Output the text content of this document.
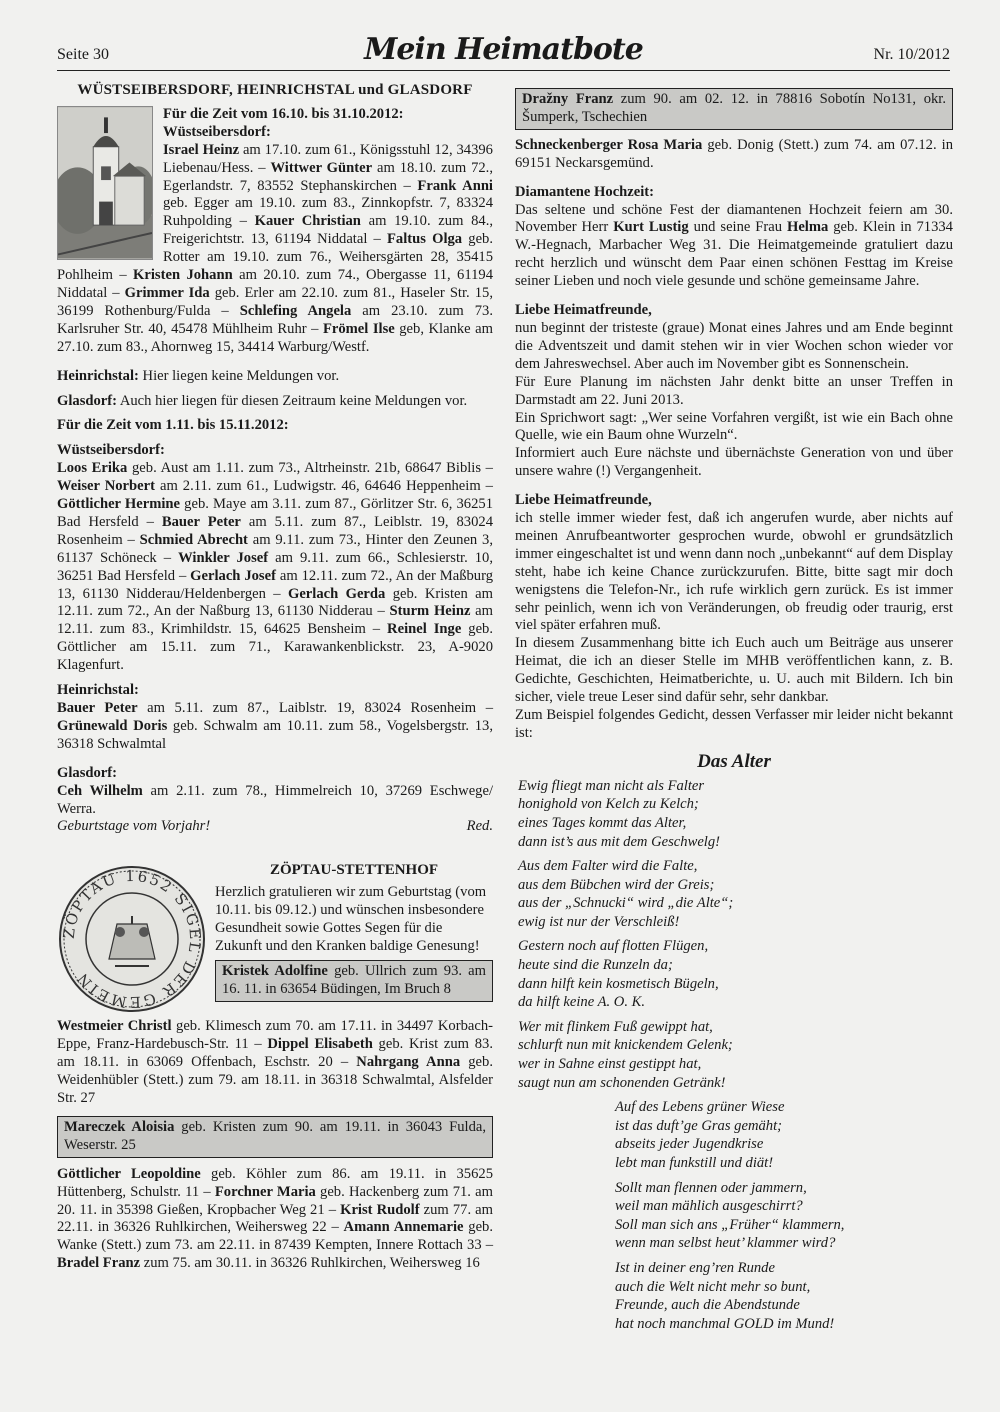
Seite 30	Mein Heimatbote	Nr. 10/2012
WÜSTSEIBERSDORF, HEINRICHSTAL und GLASDORF

Für die Zeit vom 16.10. bis 31.10.2012:

Wüstseibersdorf:

Israel Heinz am 17.10. zum 61., Königsstuhl 12, 34396 Liebenau/Hess. – Wittwer Günter am 18.10. zum 72., Egerlandstr. 7, 83552 Stephanskirchen – Frank Anni geb. Egger am 19.10. zum 83., Zinnkopfstr. 7, 83324 Ruhpolding – Kauer Christian am 19.10. zum 84., Freigerichtstr. 13, 61194 Niddatal – Faltus Olga geb. Rotter am 19.10. zum 76., Weihersgärten 28, 35415 Pohlheim – Kristen Johann am 20.10. zum 74., Obergasse 11, 61194 Niddatal – Grimmer Ida geb. Erler am 22.10. zum 81., Haseler Str. 15, 36199 Rothenburg/Fulda – Schlefing Angela am 23.10. zum 73. Karlsruher Str. 40, 45478 Mühlheim Ruhr – Frömel Ilse geb, Klanke am 27.10. zum 83., Ahornweg 15, 34414 Warburg/Westf.

Heinrichstal: Hier liegen keine Meldungen vor.

Glasdorf: Auch hier liegen für diesen Zeitraum keine Meldungen vor.

Für die Zeit vom 1.11. bis 15.11.2012:

Wüstseibersdorf:

Loos Erika geb. Aust am 1.11. zum 73., Altrheinstr. 21b, 68647 Biblis – Weiser Norbert am 2.11. zum 61., Ludwigstr. 46, 64646 Heppenheim – Göttlicher Hermine geb. Maye am 3.11. zum 87., Görlitzer Str. 6, 36251 Bad Hersfeld – Bauer Peter am 5.11. zum 87., Leiblstr. 19, 83024 Rosenheim – Schmied Abrecht am 9.11. zum 73., Hinter den Zeunen 3, 61137 Schöneck – Winkler Josef am 9.11. zum 66., Schlesierstr. 10, 36251 Bad Hersfeld – Gerlach Josef am 12.11. zum 72., An der Maßburg 13, 61130 Nidderau/Heldenbergen – Gerlach Gerda geb. Kristen am 12.11. zum 72., An der Naßburg 13, 61130 Nidderau – Sturm Heinz am 12.11. zum 83., Krimhildstr. 15, 64625 Bensheim – Reinel Inge geb. Göttlicher am 15.11. zum 71., Karawankenblickstr. 23, A-9020 Klagenfurt.

Heinrichstal:

Bauer Peter am 5.11. zum 87., Laiblstr. 19, 83024 Rosenheim – Grünewald Doris geb. Schwalm am 10.11. zum 58., Vogelsbergstr. 13, 36318 Schwalmtal

Glasdorf:

Ceh Wilhelm am 2.11. zum 78., Himmelreich 10, 37269 Eschwege/ Werra.

Geburtstage vom Vorjahr!	Red.
ZÖPTAU 1652 SIGEL DER GEMEIN

ZÖPTAU-STETTENHOF

Herzlich gratulieren wir zum Geburtstag (vom 10.11. bis 09.12.) und wünschen insbesondere Gesundheit sowie Gottes Segen für die Zukunft und den Kranken baldige Genesung!

Kristek Adolfine geb. Ullrich zum 93. am 16. 11. in 63654 Büdingen, Im Bruch 8

Westmeier Christl geb. Klimesch zum 70. am 17.11. in 34497 Korbach-Eppe, Franz-Hardebusch-Str. 11 – Dippel Elisabeth geb. Krist zum 83. am 18.11. in 63069 Offenbach, Eschstr. 20 – Nahrgang Anna geb. Weidenhübler (Stett.) zum 79. am 18.11. in 36318 Schwalmtal, Alsfelder Str. 27

Mareczek Aloisia geb. Kristen zum 90. am 19.11. in 36043 Fulda, Weserstr. 25

Göttlicher Leopoldine geb. Köhler zum 86. am 19.11. in 35625 Hüttenberg, Schulstr. 11 – Forchner Maria geb. Hackenberg zum 71. am 20. 11. in 35398 Gießen, Kropbacher Weg 21 – Krist Rudolf zum 77. am 22.11. in 36326 Ruhlkirchen, Weihersweg 22 – Amann Annemarie geb. Wanke (Stett.) zum 73. am 22.11. in 87439 Kempten, Innere Rottach 33 – Bradel Franz zum 75. am 30.11. in 36326 Ruhlkirchen, Weihersweg 16

Dražny Franz zum 90. am 02. 12. in 78816 Sobotín No131, okr. Šumperk, Tschechien

Schneckenberger Rosa Maria geb. Donig (Stett.) zum 74. am 07.12. in 69151 Neckarsgemünd.

Diamantene Hochzeit:

Das seltene und schöne Fest der diamantenen Hochzeit feiern am 30. November Herr Kurt Lustig und seine Frau Helma geb. Klein in 71334 W.-Hegnach, Marbacher Weg 31. Die Heimatgemeinde gratuliert dazu recht herzlich und wünscht dem Paar einen schönen Festtag im Kreise seiner Lieben und noch viele gesunde und schöne gemeinsame Jahre.

Liebe Heimatfreunde,

nun beginnt der tristeste (graue) Monat eines Jahres und am Ende beginnt die Adventszeit und damit stehen wir in vier Wochen schon wieder vor dem Jahreswechsel. Aber auch im November gibt es Sonnenschein.

Für Eure Planung im nächsten Jahr denkt bitte an unser Treffen in Darmstadt am 22. Juni 2013.

Ein Sprichwort sagt: „Wer seine Vorfahren vergißt, ist wie ein Bach ohne Quelle, wie ein Baum ohne Wurzeln“.

Informiert auch Eure nächste und übernächste Generation von und über unsere wahre (!) Vergangenheit.

Liebe Heimatfreunde,

ich stelle immer wieder fest, daß ich angerufen wurde, aber nichts auf meinen Anrufbeantworter gesprochen wurde, obwohl er grundsätzlich immer eingeschaltet ist und wenn dann noch „unbekannt“ auf dem Display steht, habe ich keine Chance zurückzurufen. Bitte, bitte sagt mir doch wenigstens die Telefon-Nr., ich rufe wirklich gern zurück. Es ist immer sehr peinlich, wenn ich von Veränderungen, ob freudig oder traurig, erst viel später erfahren muß.

In diesem Zusammenhang bitte ich Euch auch um Beiträge aus unserer Heimat, die ich an dieser Stelle im MHB veröffentlichen kann, z. B. Gedichte, Geschichten, Heimatberichte, u. U. auch mit Bildern. Ich bin sicher, viele treue Leser sind dafür sehr, sehr dankbar.

Zum Beispiel folgendes Gedicht, dessen Verfasser mir leider nicht bekannt ist:

Das Alter
Ewig fliegt man nicht als Falter
honighold von Kelch zu Kelch;
eines Tages kommt das Alter,
dann ist’s aus mit dem Geschwelg!
Aus dem Falter wird die Falte,
aus dem Bübchen wird der Greis;
aus der „Schnucki“ wird „die Alte“;
ewig ist nur der Verschleiß!
Gestern noch auf flotten Flügen,
heute sind die Runzeln da;
dann hilft kein kosmetisch Bügeln,
da hilft keine A. O. K.
Wer mit flinkem Fuß gewippt hat,
schlurft nun mit knickendem Gelenk;
wer in Sahne einst gestippt hat,
saugt nun am schonenden Getränk!
Auf des Lebens grüner Wiese
ist das duft’ge Gras gemäht;
abseits jeder Jugendkrise
lebt man funkstill und diät!
Sollt man flennen oder jammern,
weil man mählich ausgeschirrt?
Soll man sich ans „Früher“ klammern,
wenn man selbst heut’ klammer wird?
Ist in deiner eng’ren Runde
auch die Welt nicht mehr so bunt,
Freunde, auch die Abendstunde
hat noch manchmal GOLD im Mund!
